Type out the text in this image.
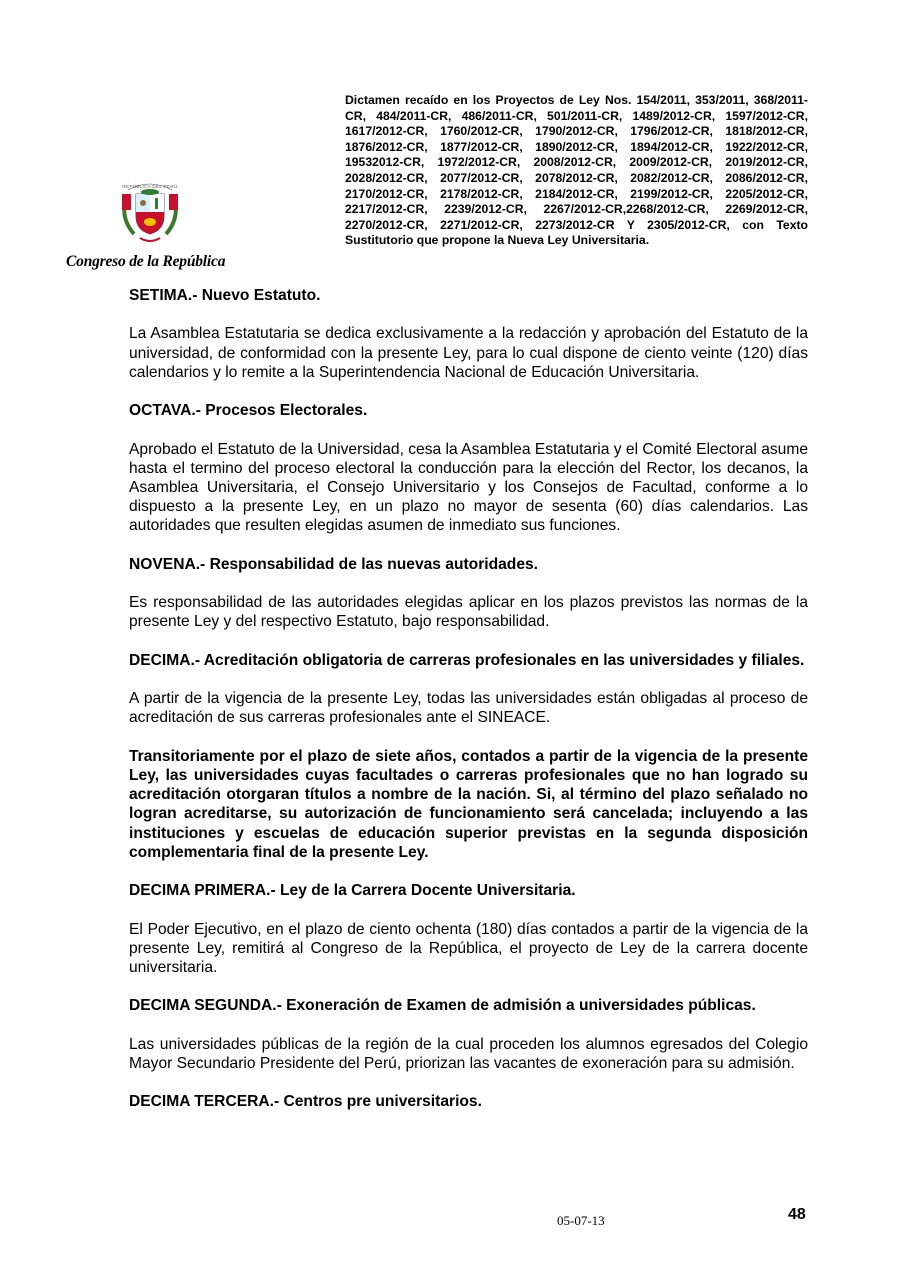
REPÚBLICA DEL PERÚ
Congreso de la República

Dictamen recaído en los Proyectos de Ley Nos. 154/2011, 353/2011, 368/2011-CR, 484/2011-CR, 486/2011-CR, 501/2011-CR, 1489/2012-CR, 1597/2012-CR, 1617/2012-CR, 1760/2012-CR, 1790/2012-CR, 1796/2012-CR, 1818/2012-CR, 1876/2012-CR, 1877/2012-CR, 1890/2012-CR, 1894/2012-CR, 1922/2012-CR, 19532012-CR, 1972/2012-CR, 2008/2012-CR, 2009/2012-CR, 2019/2012-CR, 2028/2012-CR, 2077/2012-CR, 2078/2012-CR, 2082/2012-CR, 2086/2012-CR, 2170/2012-CR, 2178/2012-CR, 2184/2012-CR, 2199/2012-CR, 2205/2012-CR, 2217/2012-CR, 2239/2012-CR, 2267/2012-CR,2268/2012-CR, 2269/2012-CR, 2270/2012-CR, 2271/2012-CR, 2273/2012-CR Y 2305/2012-CR, con Texto Sustitutorio que propone la Nueva Ley Universitaria.

SETIMA.- Nuevo Estatuto.

La Asamblea Estatutaria se dedica exclusivamente a la redacción y aprobación del Estatuto de la universidad, de conformidad con la presente Ley, para lo cual dispone de ciento veinte (120) días calendarios y lo remite a la Superintendencia Nacional de Educación Universitaria.

OCTAVA.- Procesos Electorales.

Aprobado el Estatuto de la Universidad, cesa la Asamblea Estatutaria y el Comité Electoral asume hasta el termino del proceso electoral la conducción para la elección del Rector, los decanos, la Asamblea Universitaria, el Consejo Universitario y los Consejos de Facultad, conforme a lo dispuesto a la presente Ley, en un plazo no mayor de sesenta (60) días calendarios. Las autoridades que resulten elegidas asumen de inmediato sus funciones.

NOVENA.- Responsabilidad de las nuevas autoridades.

Es responsabilidad de las autoridades elegidas aplicar en los plazos previstos las normas de la presente Ley y del respectivo Estatuto, bajo responsabilidad.

DECIMA.- Acreditación obligatoria de carreras profesionales en las universidades y filiales.

A partir de la vigencia de la presente Ley, todas las universidades están obligadas al proceso de acreditación de sus carreras profesionales ante el SINEACE.

Transitoriamente por el plazo de siete años, contados a partir de la vigencia de la presente Ley, las universidades cuyas facultades o carreras profesionales que no han logrado su acreditación otorgaran títulos a nombre de la nación. Si, al término del plazo señalado no logran acreditarse, su autorización de funcionamiento será cancelada; incluyendo a las instituciones y escuelas de educación superior previstas en la segunda disposición complementaria final de la presente Ley.

DECIMA PRIMERA.- Ley de la Carrera Docente Universitaria.

El Poder Ejecutivo, en el plazo de ciento ochenta (180) días contados a partir de la vigencia de la presente Ley, remitirá al Congreso de la República, el proyecto de Ley de la carrera docente universitaria.

DECIMA SEGUNDA.- Exoneración de Examen de admisión a universidades públicas.

Las universidades públicas de la región de la cual proceden los alumnos egresados del Colegio Mayor Secundario Presidente del Perú, priorizan las vacantes de exoneración para su admisión.

DECIMA TERCERA.- Centros pre universitarios.

05-07-13	48
